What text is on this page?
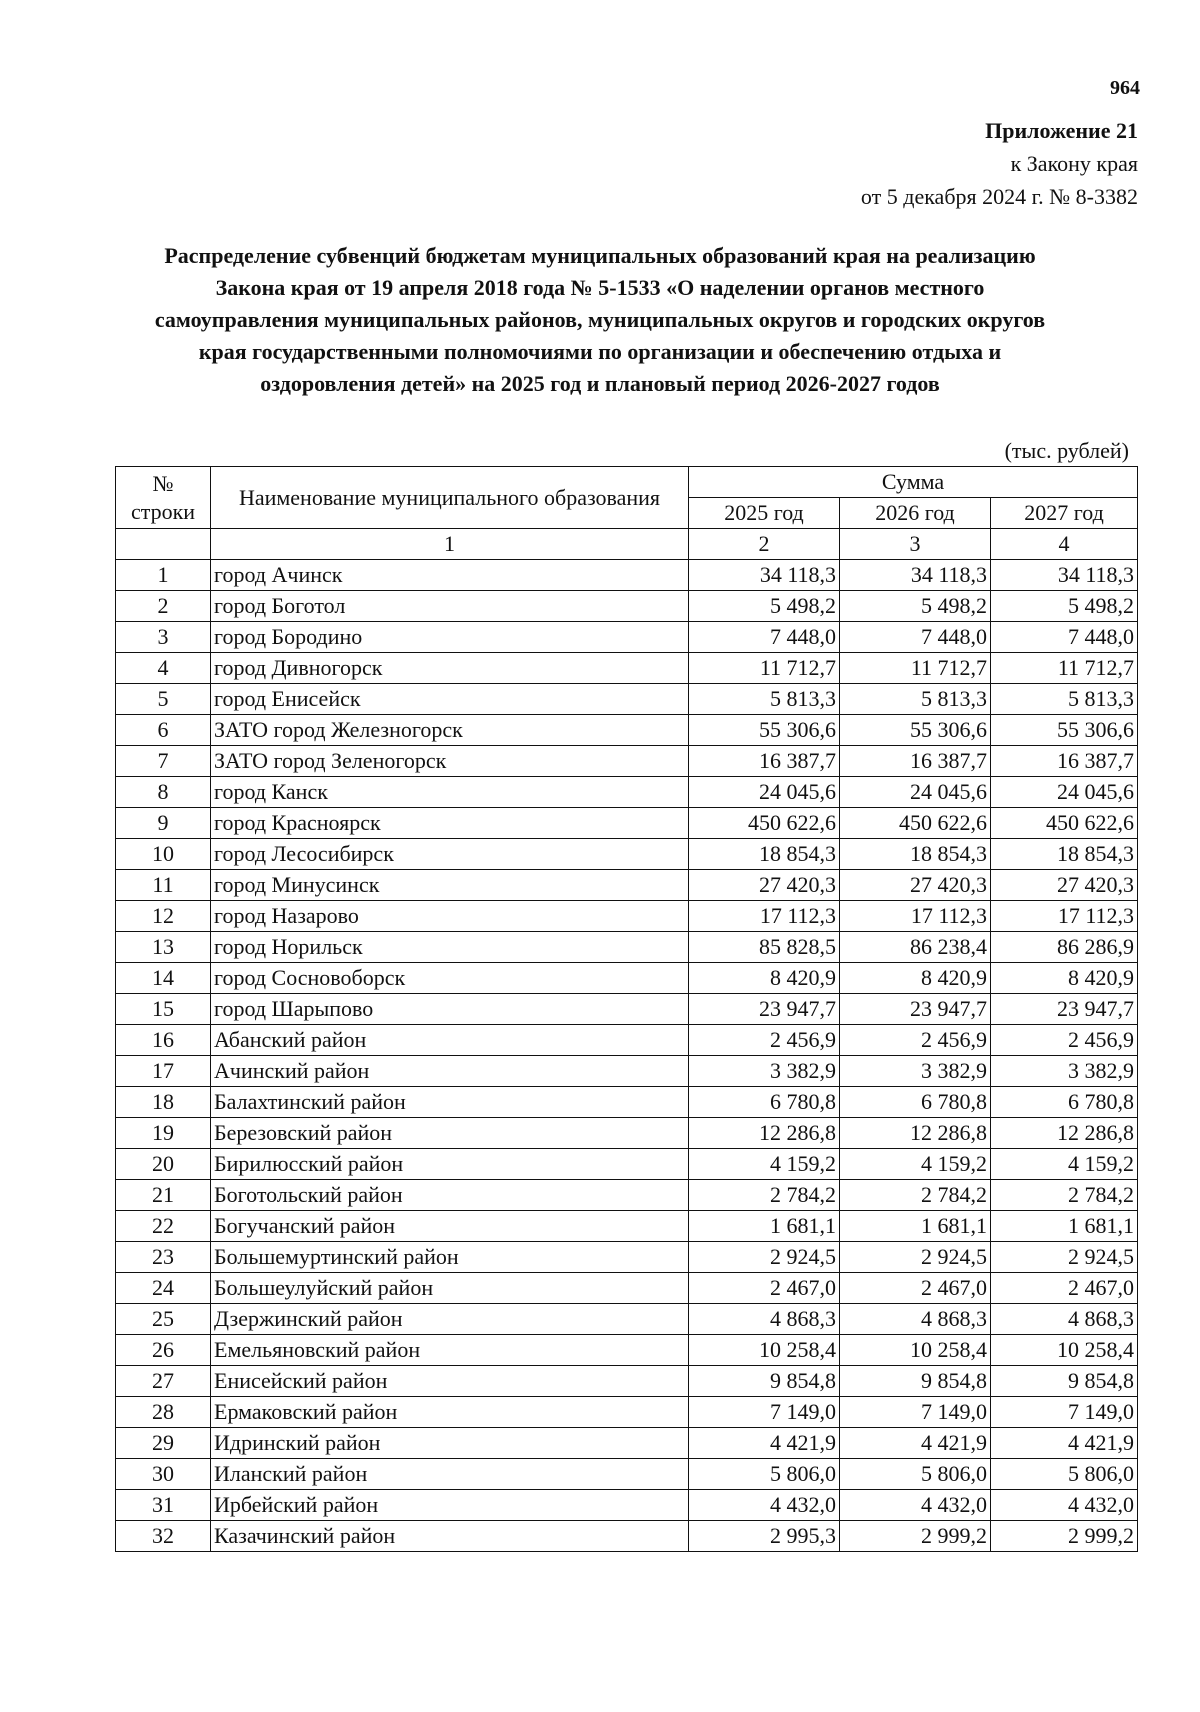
964
Приложение 21
к Закону края
от 5 декабря 2024 г. № 8-3382
Распределение субвенций бюджетам муниципальных образований края на реализацию
Закона края от 19 апреля 2018 года № 5-1533 «О наделении органов местного
самоуправления муниципальных районов, муниципальных округов и городских округов
края государственными полномочиями по организации и обеспечению отдыха и
оздоровления детей» на 2025 год и плановый период 2026-2027 годов
(тыс. рублей)
№
строки	Наименование муниципального образования	Сумма		
		2025 год	2026 год	2027 год
	1	2	3	4
1	город Ачинск	34 118,3	34 118,3	34 118,3
2	город Боготол	5 498,2	5 498,2	5 498,2
3	город Бородино	7 448,0	7 448,0	7 448,0
4	город Дивногорск	11 712,7	11 712,7	11 712,7
5	город Енисейск	5 813,3	5 813,3	5 813,3
6	ЗАТО город Железногорск	55 306,6	55 306,6	55 306,6
7	ЗАТО город Зеленогорск	16 387,7	16 387,7	16 387,7
8	город Канск	24 045,6	24 045,6	24 045,6
9	город Красноярск	450 622,6	450 622,6	450 622,6
10	город Лесосибирск	18 854,3	18 854,3	18 854,3
11	город Минусинск	27 420,3	27 420,3	27 420,3
12	город Назарово	17 112,3	17 112,3	17 112,3
13	город Норильск	85 828,5	86 238,4	86 286,9
14	город Сосновоборск	8 420,9	8 420,9	8 420,9
15	город Шарыпово	23 947,7	23 947,7	23 947,7
16	Абанский район	2 456,9	2 456,9	2 456,9
17	Ачинский район	3 382,9	3 382,9	3 382,9
18	Балахтинский район	6 780,8	6 780,8	6 780,8
19	Березовский район	12 286,8	12 286,8	12 286,8
20	Бирилюсский район	4 159,2	4 159,2	4 159,2
21	Боготольский район	2 784,2	2 784,2	2 784,2
22	Богучанский район	1 681,1	1 681,1	1 681,1
23	Большемуртинский район	2 924,5	2 924,5	2 924,5
24	Большеулуйский район	2 467,0	2 467,0	2 467,0
25	Дзержинский район	4 868,3	4 868,3	4 868,3
26	Емельяновский район	10 258,4	10 258,4	10 258,4
27	Енисейский район	9 854,8	9 854,8	9 854,8
28	Ермаковский район	7 149,0	7 149,0	7 149,0
29	Идринский район	4 421,9	4 421,9	4 421,9
30	Иланский район	5 806,0	5 806,0	5 806,0
31	Ирбейский район	4 432,0	4 432,0	4 432,0
32	Казачинский район	2 995,3	2 999,2	2 999,2
